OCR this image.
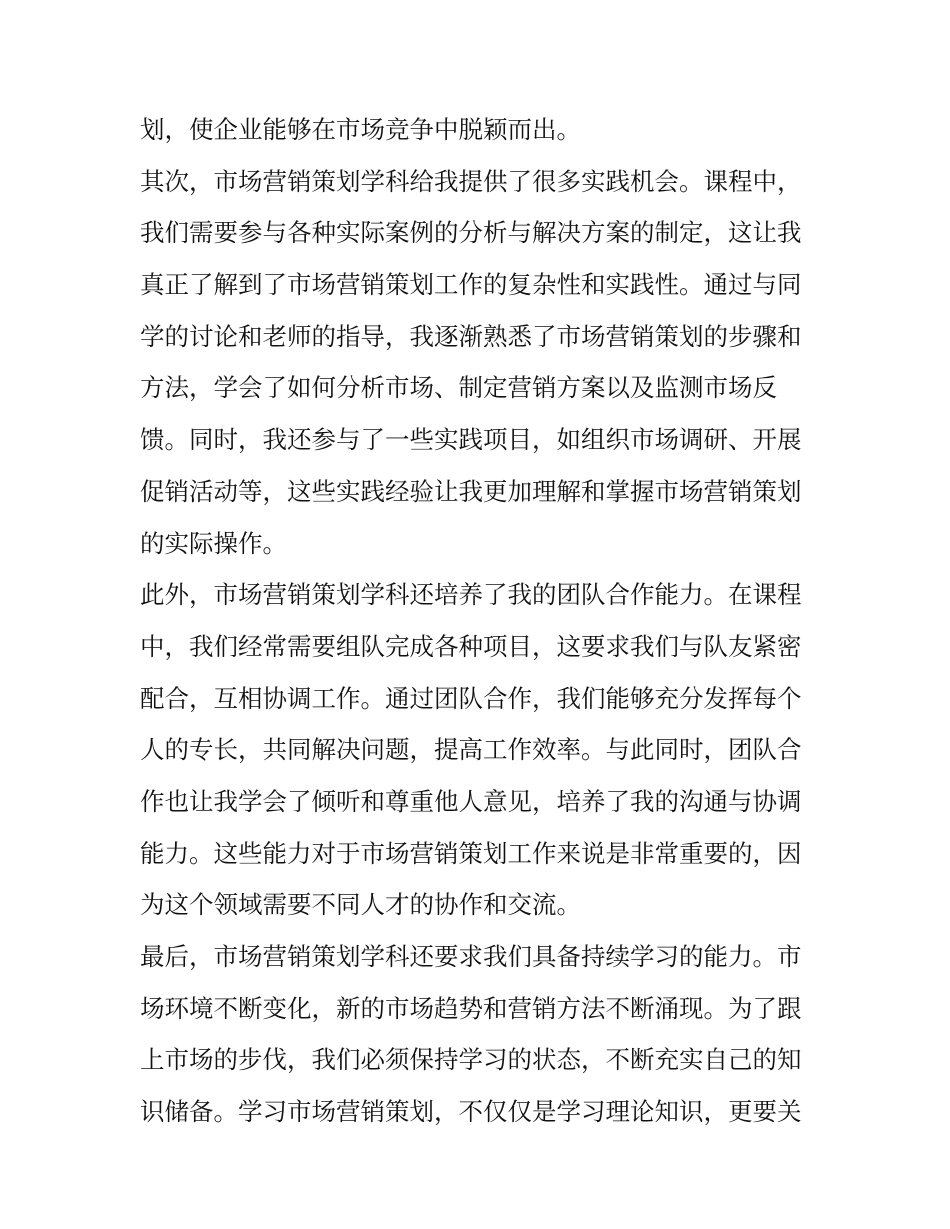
划，使企业能够在市场竞争中脱颖而出。
其次，市场营销策划学科给我提供了很多实践机会。课程中，
我们需要参与各种实际案例的分析与解决方案的制定，这让我
真正了解到了市场营销策划工作的复杂性和实践性。通过与同
学的讨论和老师的指导，我逐渐熟悉了市场营销策划的步骤和
方法，学会了如何分析市场、制定营销方案以及监测市场反
馈。同时，我还参与了一些实践项目，如组织市场调研、开展
促销活动等，这些实践经验让我更加理解和掌握市场营销策划
的实际操作。
此外，市场营销策划学科还培养了我的团队合作能力。在课程
中，我们经常需要组队完成各种项目，这要求我们与队友紧密
配合，互相协调工作。通过团队合作，我们能够充分发挥每个
人的专长，共同解决问题，提高工作效率。与此同时，团队合
作也让我学会了倾听和尊重他人意见，培养了我的沟通与协调
能力。这些能力对于市场营销策划工作来说是非常重要的，因
为这个领域需要不同人才的协作和交流。
最后，市场营销策划学科还要求我们具备持续学习的能力。市
场环境不断变化，新的市场趋势和营销方法不断涌现。为了跟
上市场的步伐，我们必须保持学习的状态，不断充实自己的知
识储备。学习市场营销策划，不仅仅是学习理论知识，更要关
